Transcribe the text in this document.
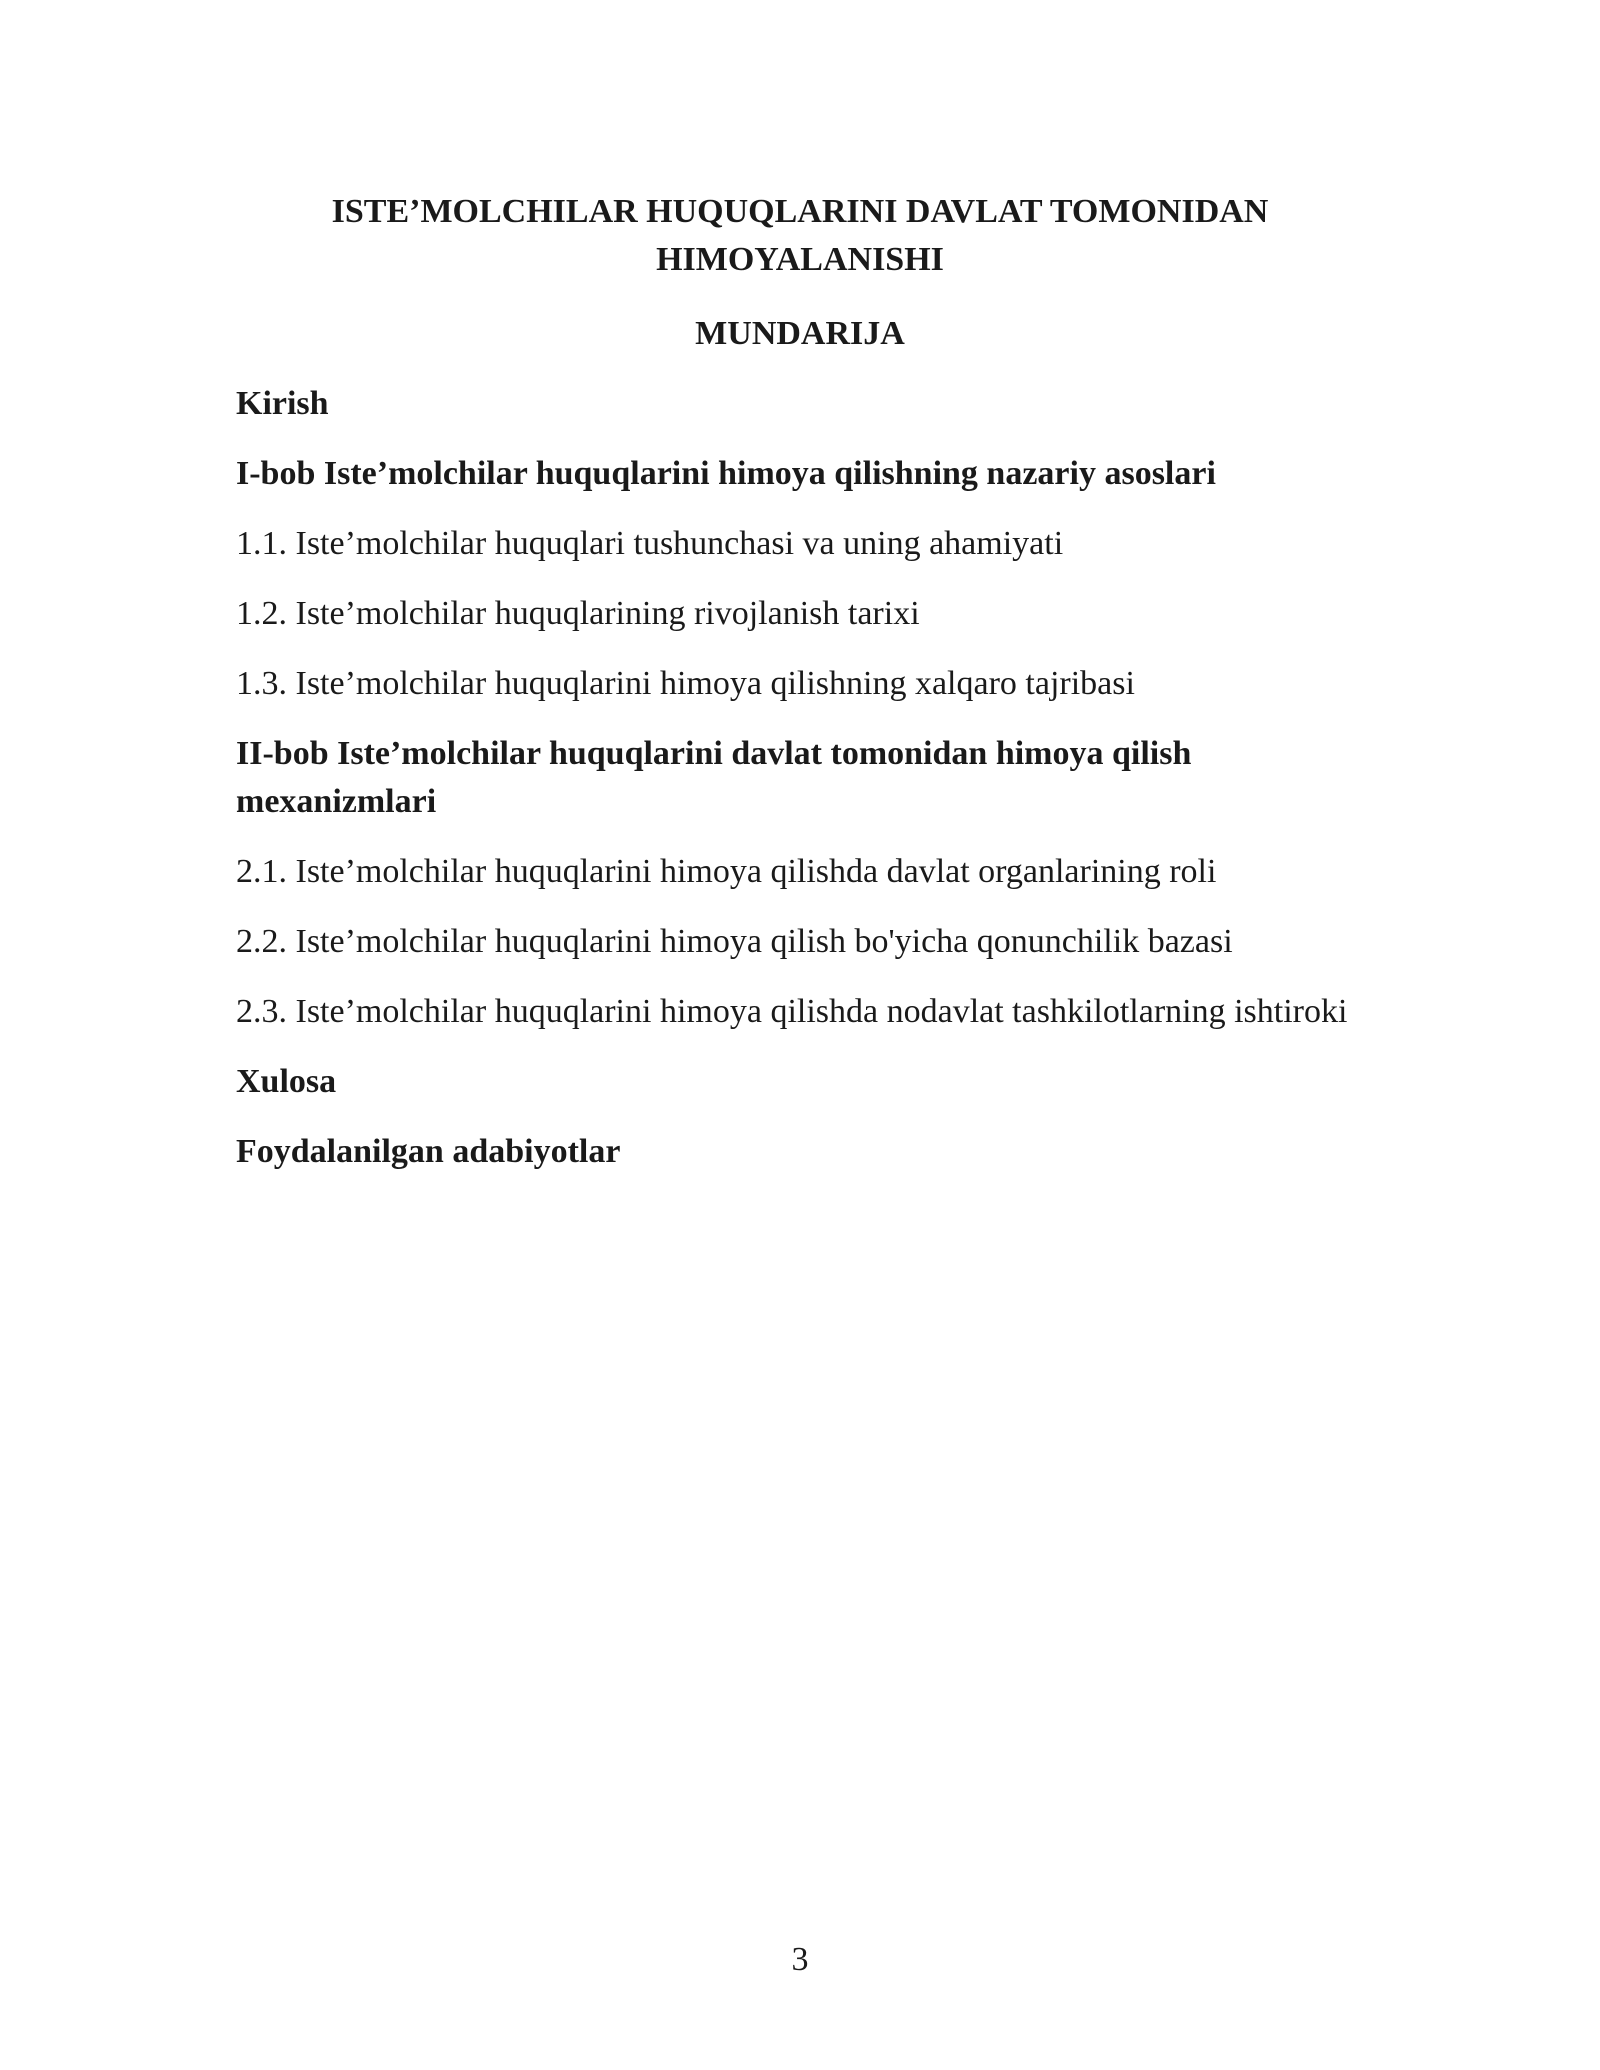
ISTE’MOLCHILAR HUQUQLARINI DAVLAT TOMONIDAN
HIMOYALANISHI
MUNDARIJA

Kirish

I-bob Iste’molchilar huquqlarini himoya qilishning nazariy asoslari

1.1. Iste’molchilar huquqlari tushunchasi va uning ahamiyati

1.2. Iste’molchilar huquqlarining rivojlanish tarixi

1.3. Iste’molchilar huquqlarini himoya qilishning xalqaro tajribasi

II-bob Iste’molchilar huquqlarini davlat tomonidan himoya qilish mexanizmlari

2.1. Iste’molchilar huquqlarini himoya qilishda davlat organlarining roli

2.2. Iste’molchilar huquqlarini himoya qilish bo'yicha qonunchilik bazasi

2.3. Iste’molchilar huquqlarini himoya qilishda nodavlat tashkilotlarning ishtiroki

Xulosa

Foydalanilgan adabiyotlar

3
